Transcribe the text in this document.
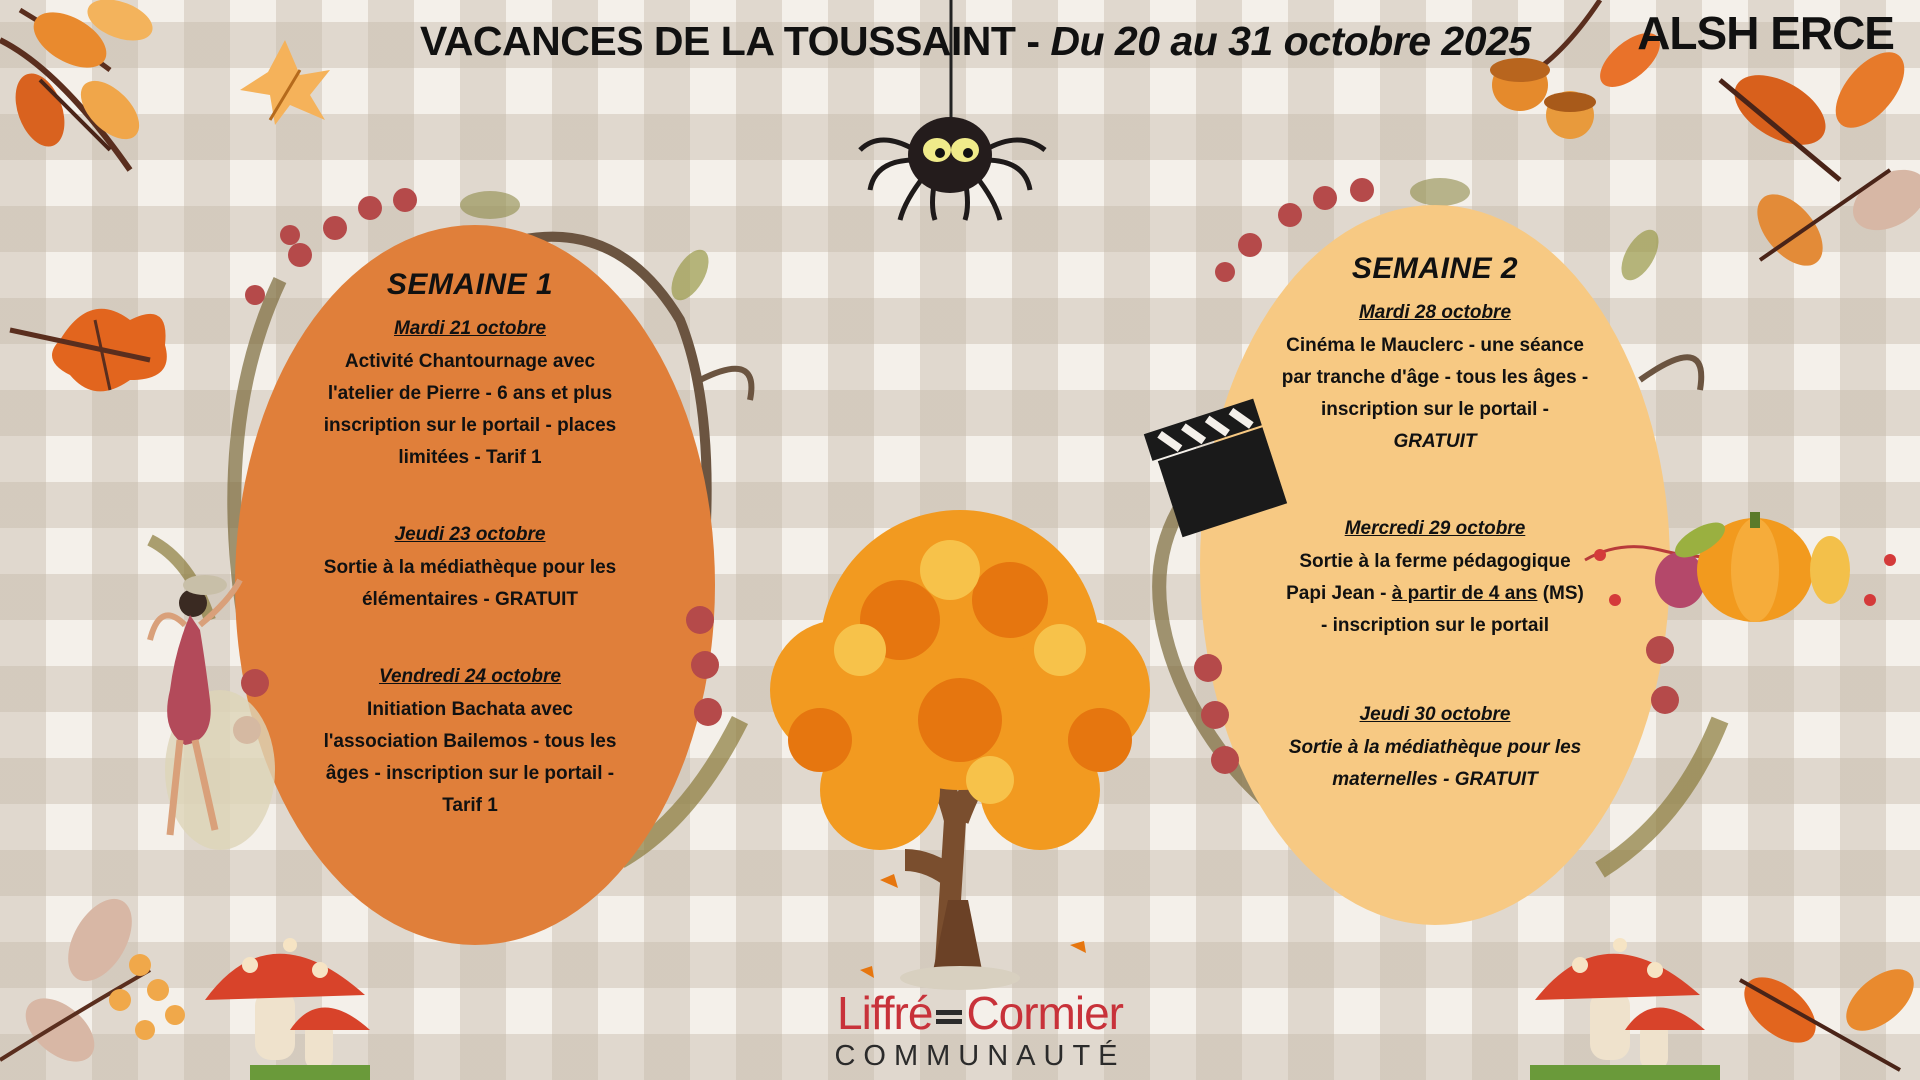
VACANCES DE LA TOUSSAINT - Du 20 au 31 octobre 2025 ALSH ERCE
SEMAINE 1
Mardi 21 octobre
Activité Chantournage avec
l'atelier de Pierre - 6 ans et plus
inscription sur le portail - places
limitées - Tarif 1
Jeudi 23 octobre
Sortie à la médiathèque pour les
élémentaires - GRATUIT
Vendredi 24 octobre
Initiation Bachata avec
l'association Bailemos - tous les
âges - inscription sur le portail -
Tarif 1
SEMAINE 2
Mardi 28 octobre
Cinéma le Mauclerc - une séance
par tranche d'âge - tous les âges -
inscription sur le portail -
GRATUIT
Mercredi 29 octobre
Sortie à la ferme pédagogique
Papi Jean - à partir de 4 ans (MS)
- inscription sur le portail
Jeudi 30 octobre
Sortie à la médiathèque pour les
maternelles - GRATUIT
Liffré Cormier
COMMUNAUTÉ
